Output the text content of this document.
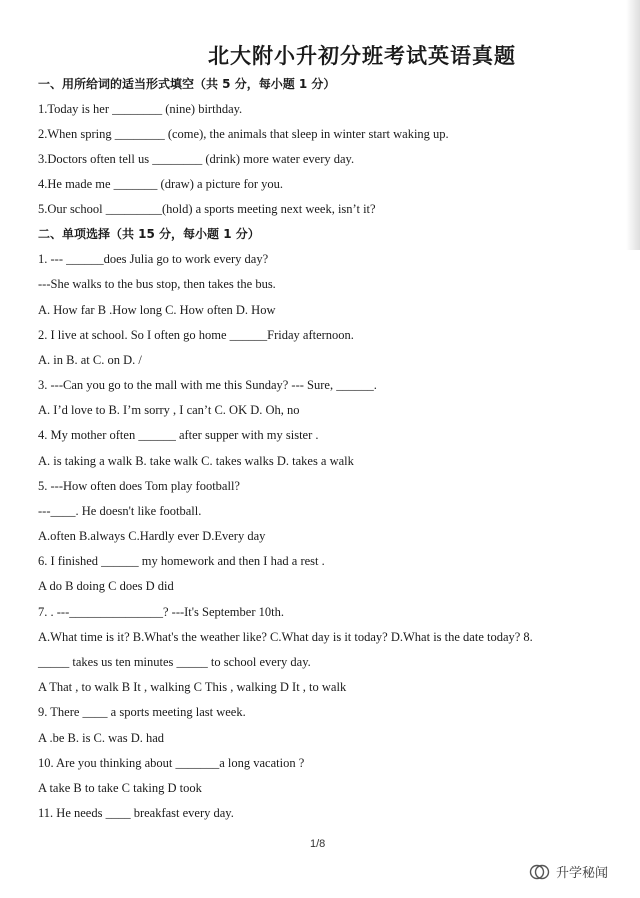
北大附小升初分班考试英语真题
一、用所给词的适当形式填空（共 5 分，每小题 1 分）
1.Today is her ________ (nine) birthday.
2.When spring ________ (come), the animals that sleep in winter start waking up.
3.Doctors often tell us ________ (drink) more water every day.
4.He made me _______ (draw) a picture for you.
5.Our school _________(hold) a sports meeting next week, isn’t it?
二、单项选择（共 15 分，每小题 1 分）
1. --- ______does Julia go to work every day?
---She walks to the bus stop, then takes the bus.
A. How far B .How long C. How often D. How
2. I live at school. So I often go home ______Friday afternoon.
A. in B. at C. on D. /
3. ---Can you go to the mall with me this Sunday? --- Sure, ______.
A. I’d love to B. I’m sorry , I can’t C. OK D. Oh, no
4. My mother often ______ after supper with my sister .
A. is taking a walk B. take walk C. takes walks D. takes a walk
5. ---How often does Tom play football?
---____. He doesn't like football.
A.often B.always C.Hardly ever D.Every day
6. I finished ______ my homework and then I had a rest .
A do B doing C does D did
7. . ---_______________? ---It's September 10th.
A.What time is it? B.What's the weather like? C.What day is it today? D.What is the date today? 8.
_____ takes us ten minutes _____ to school every day.
A That , to walk B It , walking C This , walking D It , to walk
9. There ____ a sports meeting last week.
A .be B. is C. was D. had
10. Are you thinking about _______a long vacation ?
A take B to take C taking D took
11. He needs ____ breakfast every day.
1/8
升学秘闻
